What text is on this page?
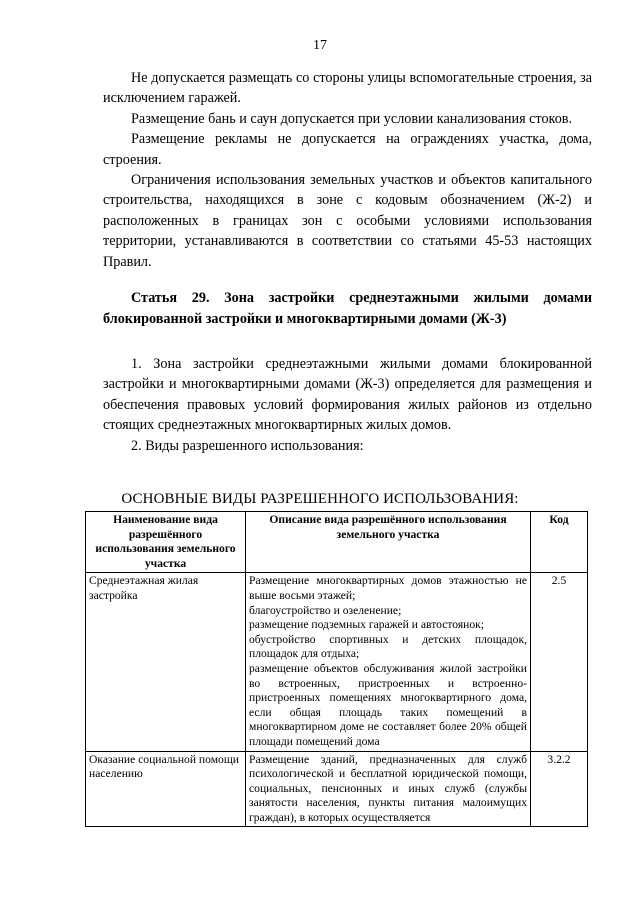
17

Не допускается размещать со стороны улицы вспомогательные строения, за исключением гаражей.

Размещение бань и саун допускается при условии канализования стоков.

Размещение рекламы не допускается на ограждениях участка, дома, строения.

Ограничения использования земельных участков и объектов капитального строительства, находящихся в зоне с кодовым обозначением (Ж-2) и расположенных в границах зон с особыми условиями использования территории, устанавливаются в соответствии со статьями 45-53 настоящих Правил.

Статья 29. Зона застройки среднеэтажными жилыми домами блокированной застройки и многоквартирными домами (Ж-3)

1. Зона застройки среднеэтажными жилыми домами блокированной застройки и многоквартирными домами (Ж-3) определяется для размещения и обеспечения правовых условий формирования жилых районов из отдельно стоящих среднеэтажных многоквартирных жилых домов.

2. Виды разрешенного использования:

ОСНОВНЫЕ ВИДЫ РАЗРЕШЕННОГО ИСПОЛЬЗОВАНИЯ:
Наименование вида разрешённого использования земельного участка	Описание вида разрешённого использования земельного участка	Код
Среднеэтажная жилая застройка	Размещение многоквартирных домов этажностью не выше восьми этажей;
благоустройство и озеленение;
размещение подземных гаражей и автостоянок;
обустройство спортивных и детских площадок, площадок для отдыха;
размещение объектов обслуживания жилой застройки во встроенных, пристроенных и встроенно-пристроенных помещениях многоквартирного дома, если общая площадь таких помещений в многоквартирном доме не составляет более 20% общей площади помещений дома	2.5
Оказание социальной помощи населению	Размещение зданий, предназначенных для служб психологической и бесплатной юридической помощи, социальных, пенсионных и иных служб (службы занятости населения, пункты питания малоимущих граждан), в которых осуществляется	3.2.2
